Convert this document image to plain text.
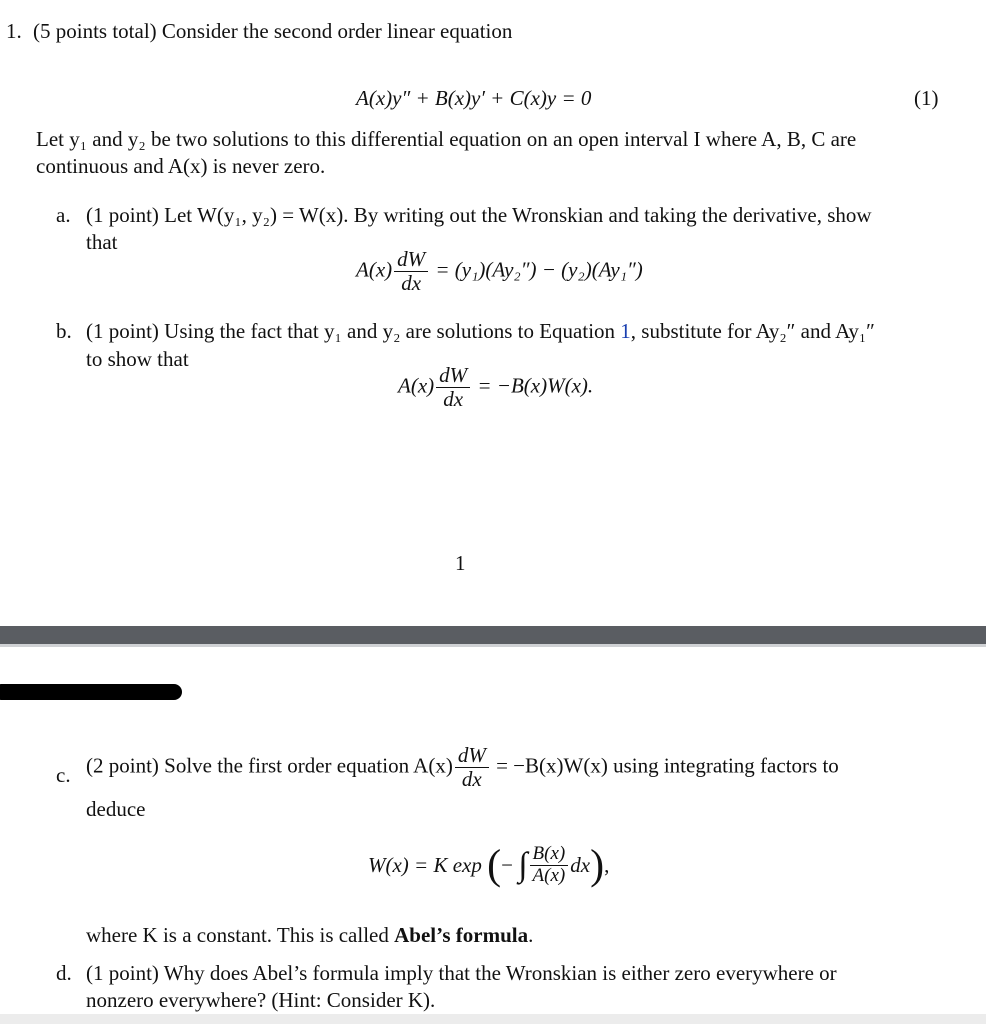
1. (5 points total) Consider the second order linear equation
A(x)y″ + B(x)y′ + C(x)y = 0	(1)
Let y₁ and y₂ be two solutions to this differential equation on an open interval I where A, B, C are
continuous and A(x) is never zero.
a. (1 point) Let W(y₁, y₂) = W(x). By writing out the Wronskian and taking the derivative, show
that
$A(x) \frac{dW}{dx} = (y_1)(Ay_2'') - (y_2)(Ay_1'')$
b. (1 point) Using the fact that y₁ and y₂ are solutions to Equation 1, substitute for Ay₂″ and Ay₁″
to show that
$A(x) \frac{dW}{dx} = -B(x)W(x)$.
1
c. (2 point) Solve the first order equation $A(x) \frac{dW}{dx} = -B(x)W(x)$ using integrating factors to
deduce
W(x) = K exp (− ∫ $\frac{B(x)}{A(x)} dx$),
where K is a constant. This is called Abel’s formula.
d. (1 point) Why does Abel’s formula imply that the Wronskian is either zero everywhere or
nonzero everywhere? (Hint: Consider K).
